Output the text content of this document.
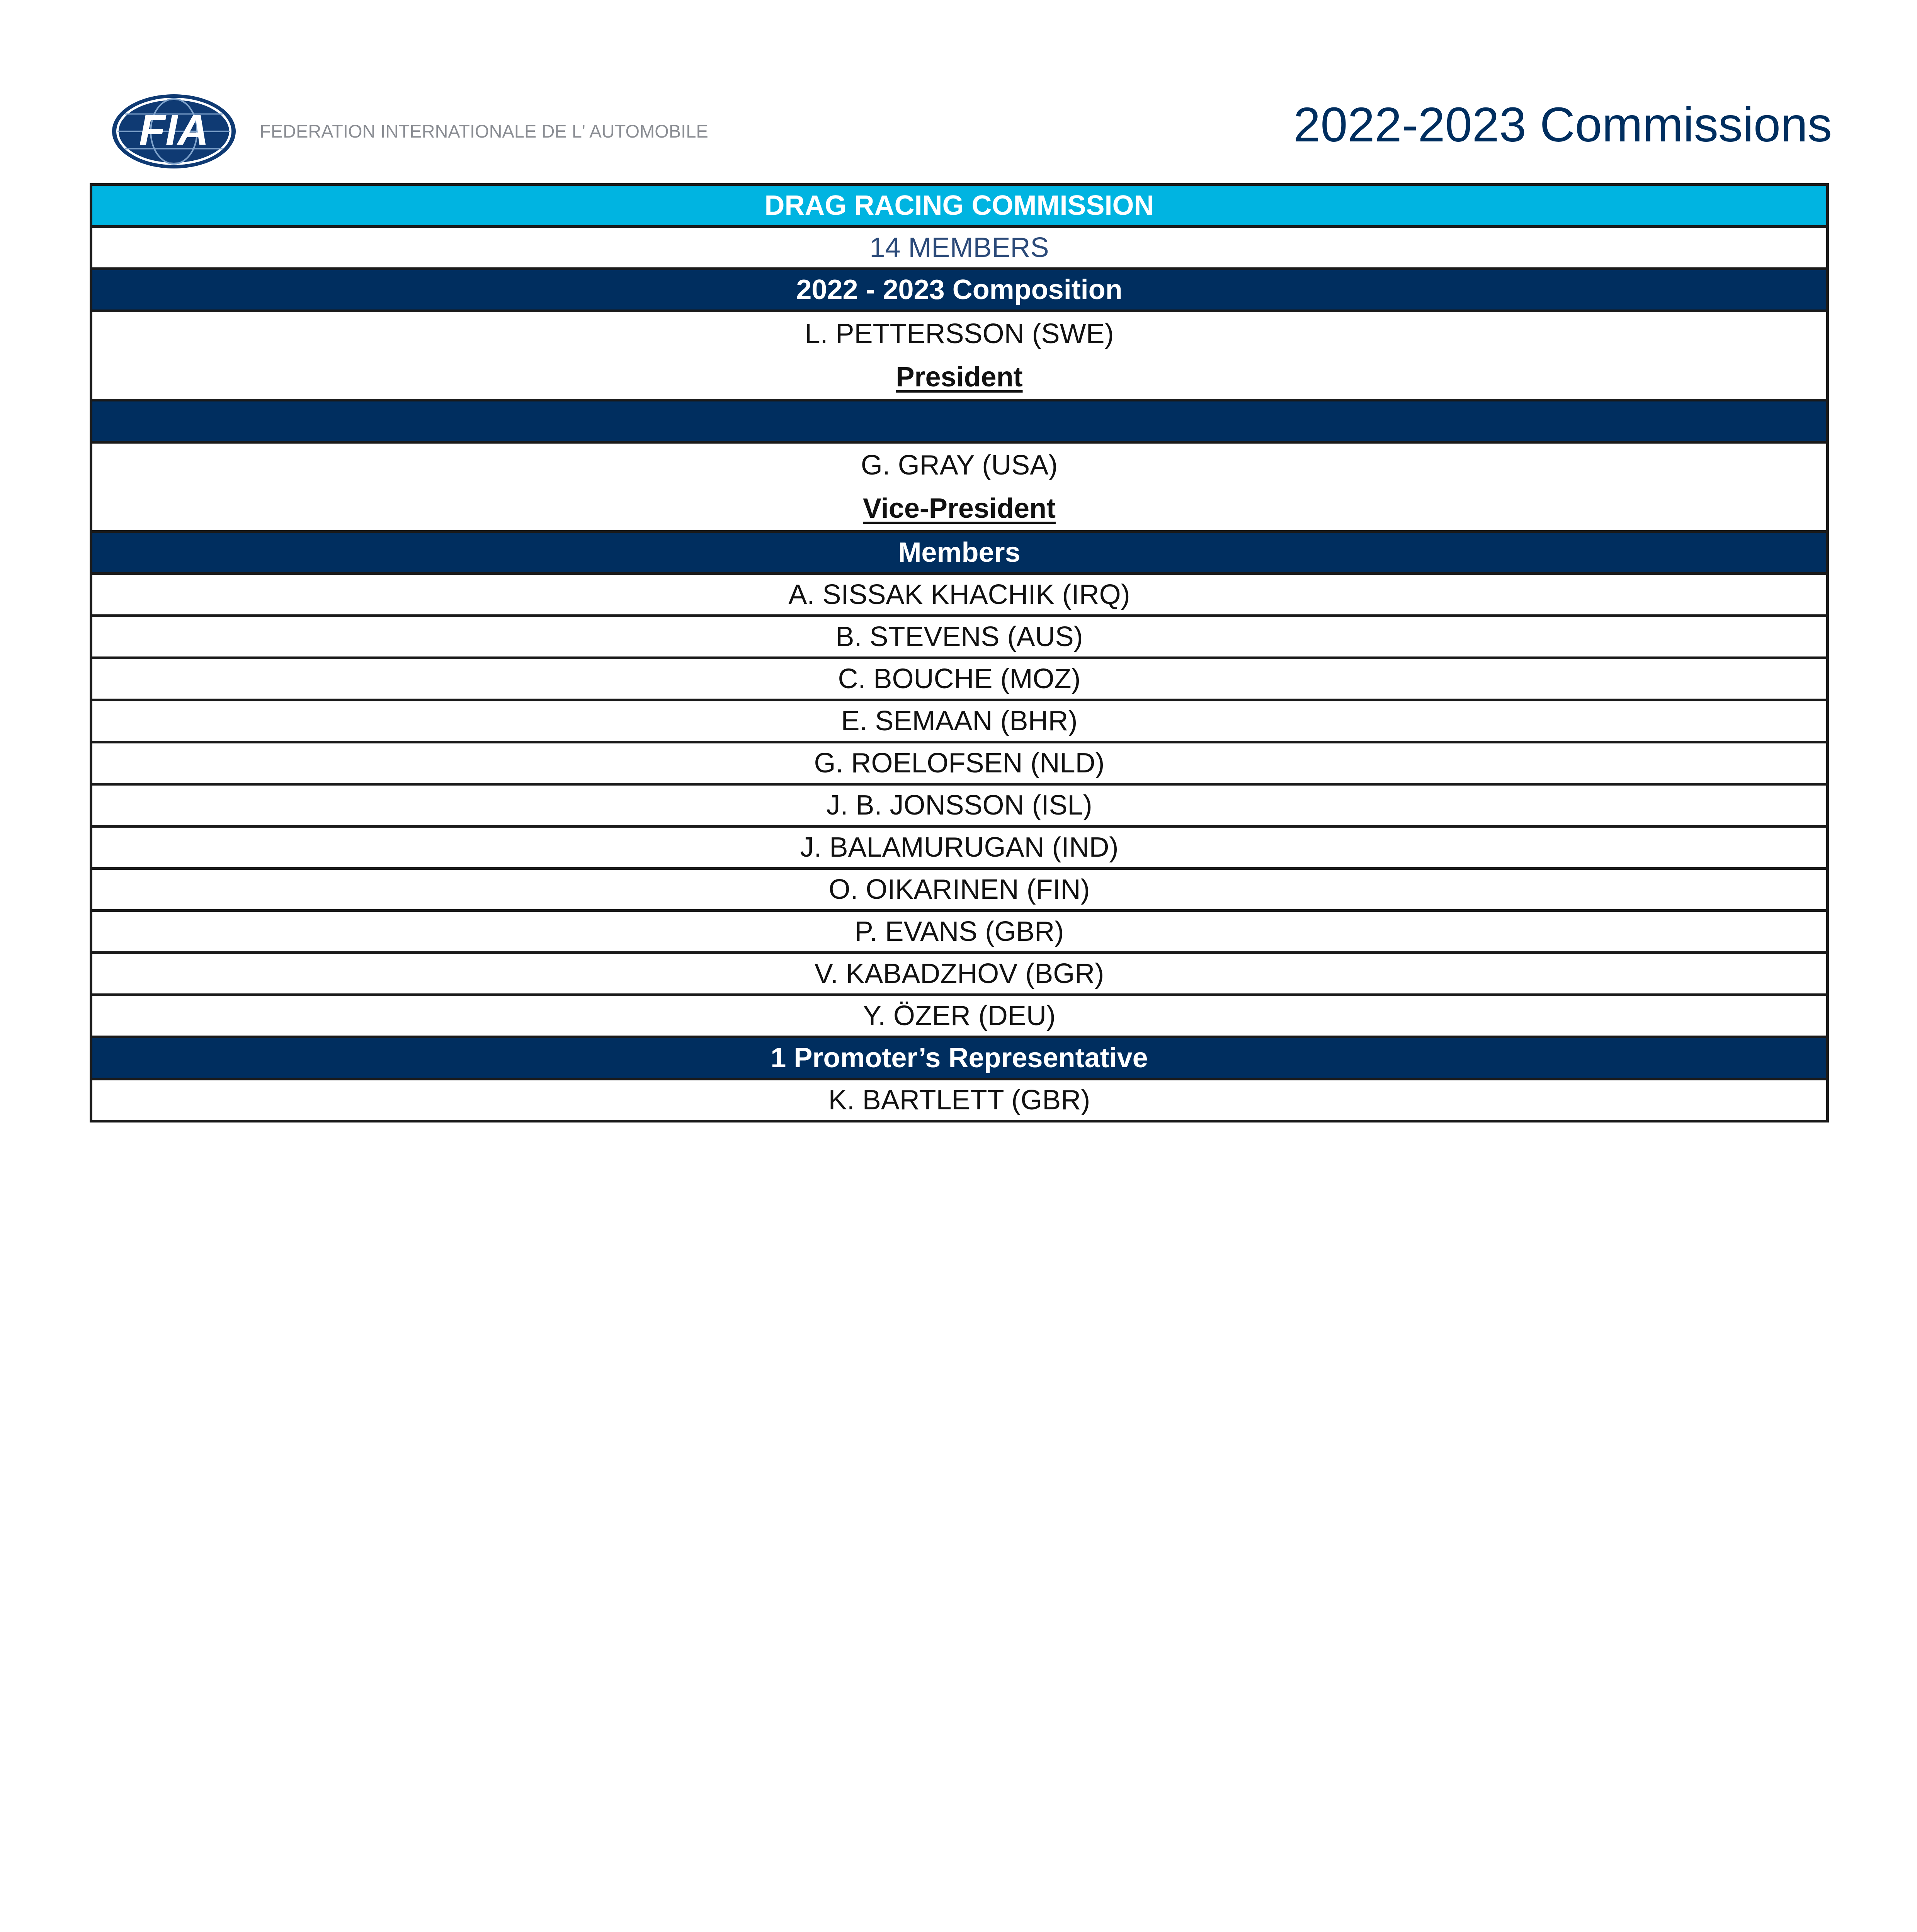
FIA	FEDERATION INTERNATIONALE DE L' AUTOMOBILE	2022-2023 Commissions
DRAG RACING COMMISSION
14 MEMBERS
2022 - 2023 Composition

L. PETTERSSON (SWE)
President

G. GRAY (USA)
Vice-President

Members
A. SISSAK KHACHIK (IRQ)
B. STEVENS (AUS)
C. BOUCHE (MOZ)
E. SEMAAN (BHR)
G. ROELOFSEN (NLD)
J. B. JONSSON (ISL)
J. BALAMURUGAN (IND)
O. OIKARINEN (FIN)
P. EVANS (GBR)
V. KABADZHOV (BGR)
Y. ÖZER (DEU)
1 Promoter’s Representative
K. BARTLETT (GBR)
